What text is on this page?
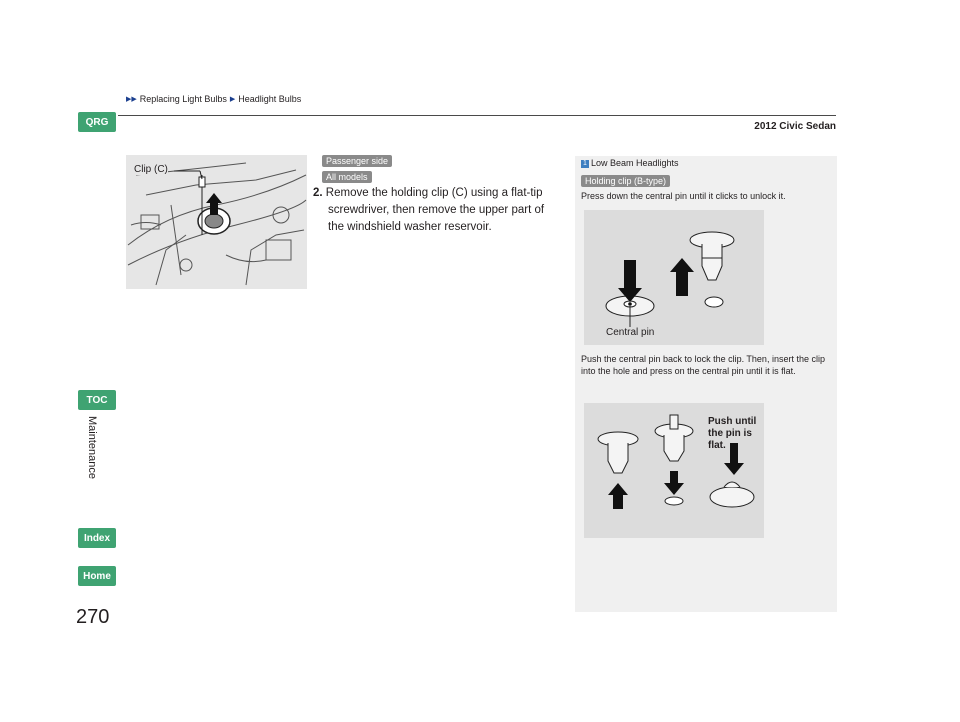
▶▶ Replacing Light Bulbs ▶ Headlight Bulbs
2012 Civic Sedan
QRG
TOC
Maintenance
Index
Home
270
Clip (C)
Passenger side
All models
2. Remove the holding clip (C) using a flat-tip screwdriver, then remove the upper part of the windshield washer reservoir.
1 Low Beam Headlights
Holding clip (B-type)
Press down the central pin until it clicks to unlock it.
Central pin
Push the central pin back to lock the clip. Then, insert the clip into the hole and press on the central pin until it is flat.
Push until the pin is flat.
